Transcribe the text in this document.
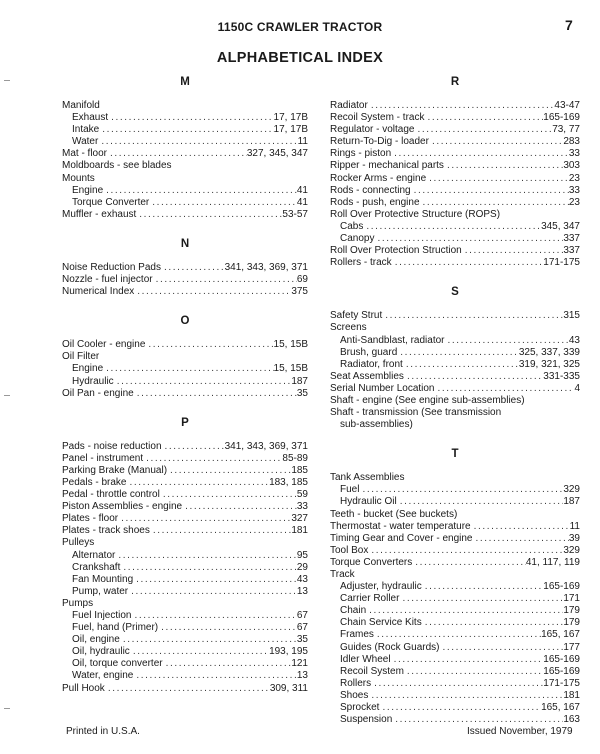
1150C CRAWLER TRACTOR	7
ALPHABETICAL INDEX
M
Manifold
Exhaust .....	17, 17B
Intake .....	17, 17B
Water .....	11
Mat - floor .....	327, 345, 347
Moldboards - see blades
Mounts
Engine .....	41
Torque Converter .....	41
Muffler - exhaust .....	53-57
N
Noise Reduction Pads .....	341, 343, 369, 371
Nozzle - fuel injector .....	69
Numerical Index .....	375
O
Oil Cooler - engine .....	15, 15B
Oil Filter
Engine .....	15, 15B
Hydraulic .....	187
Oil Pan - engine .....	35
P
Pads - noise reduction .....	341, 343, 369, 371
Panel - instrument .....	85-89
Parking Brake (Manual) .....	185
Pedals - brake .....	183, 185
Pedal - throttle control .....	59
Piston Assemblies - engine .....	33
Plates - floor .....	327
Plates - track shoes .....	181
Pulleys
Alternator .....	95
Crankshaft .....	29
Fan Mounting .....	43
Pump, water .....	13
Pumps
Fuel Injection .....	67
Fuel, hand (Primer) .....	67
Oil, engine .....	35
Oil, hydraulic .....	193, 195
Oil, torque converter .....	121
Water, engine .....	13
Pull Hook .....	309, 311
R
Radiator .....	43-47
Recoil System - track .....	165-169
Regulator - voltage .....	73, 77
Return-To-Dig - loader .....	283
Rings - piston .....	33
Ripper - mechanical parts .....	303
Rocker Arms - engine .....	23
Rods - connecting .....	33
Rods - push, engine .....	23
Roll Over Protective Structure (ROPS)
Cabs .....	345, 347
Canopy .....	337
Roll Over Protection Struction .....	337
Rollers - track .....	171-175
S
Safety Strut .....	315
Screens
Anti-Sandblast, radiator .....	43
Brush, guard .....	325, 337, 339
Radiator, front .....	319, 321, 325
Seat Assemblies .....	331-335
Serial Number Location .....	4
Shaft - engine (See engine sub-assemblies)
Shaft - transmission (See transmission
sub-assemblies)
T
Tank Assemblies
Fuel .....	329
Hydraulic Oil .....	187
Teeth - bucket (See buckets)
Thermostat - water temperature .....	11
Timing Gear and Cover - engine .....	39
Tool Box .....	329
Torque Converters .....	41, 117, 119
Track
Adjuster, hydraulic .....	165-169
Carrier Roller .....	171
Chain .....	179
Chain Service Kits .....	179
Frames .....	165, 167
Guides (Rock Guards) .....	177
Idler Wheel .....	165-169
Recoil System .....	165-169
Rollers .....	171-175
Shoes .....	181
Sprocket .....	165, 167
Suspension .....	163
Printed in U.S.A.	Issued November, 1979
